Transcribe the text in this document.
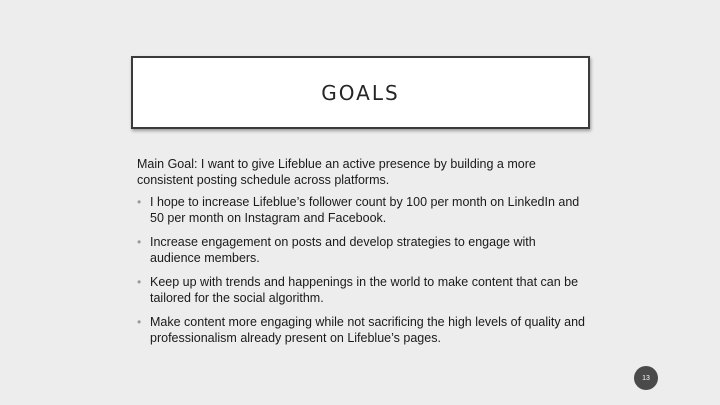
GOALS

Main Goal: I want to give Lifeblue an active presence by building a more consistent posting schedule across platforms.

• I hope to increase Lifeblue’s follower count by 100 per month on LinkedIn and 50 per month on Instagram and Facebook.
• Increase engagement on posts and develop strategies to engage with audience members.
• Keep up with trends and happenings in the world to make content that can be tailored for the social algorithm.
• Make content more engaging while not sacrificing the high levels of quality and professionalism already present on Lifeblue’s pages.
13
